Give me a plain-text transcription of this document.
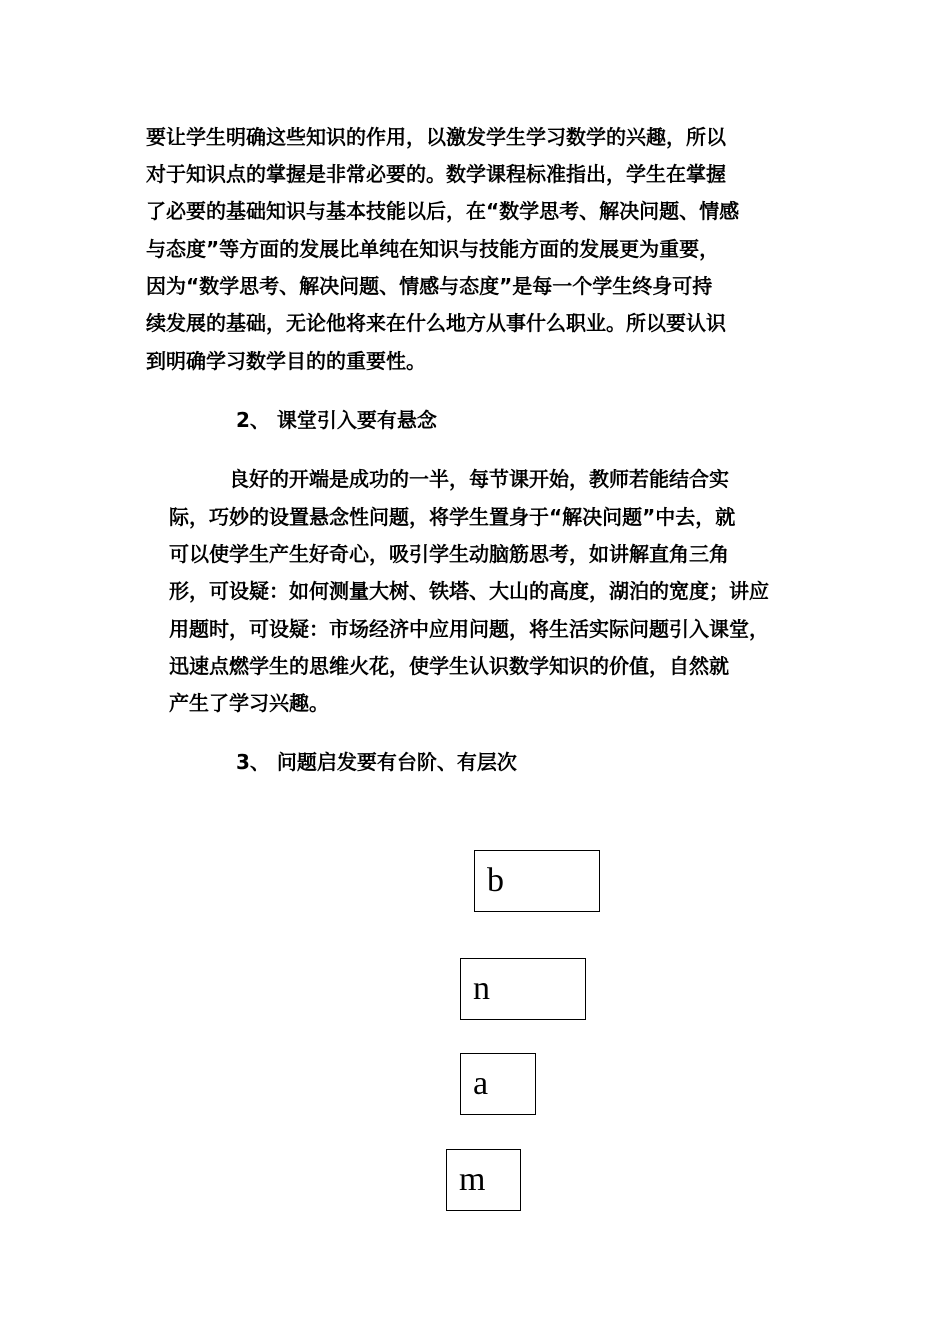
要让学生明确这些知识的作用，以激发学生学习数学的兴趣，所以
对于知识点的掌握是非常必要的。数学课程标准指出，学生在掌握
了必要的基础知识与基本技能以后，在“数学思考、解决问题、情感
与态度”等方面的发展比单纯在知识与技能方面的发展更为重要，
因为“数学思考、解决问题、情感与态度”是每一个学生终身可持
续发展的基础，无论他将来在什么地方从事什么职业。所以要认识
到明确学习数学目的的重要性。
2、 课堂引入要有悬念
　　　良好的开端是成功的一半，每节课开始，教师若能结合实
际，巧妙的设置悬念性问题，将学生置身于“解决问题”中去，就
可以使学生产生好奇心，吸引学生动脑筋思考，如讲解直角三角
形，可设疑：如何测量大树、铁塔、大山的高度，湖泊的宽度；讲应
用题时，可设疑：市场经济中应用问题，将生活实际问题引入课堂，
迅速点燃学生的思维火花，使学生认识数学知识的价值，自然就
产生了学习兴趣。
3、 问题启发要有台阶、有层次
b
n
a
m
